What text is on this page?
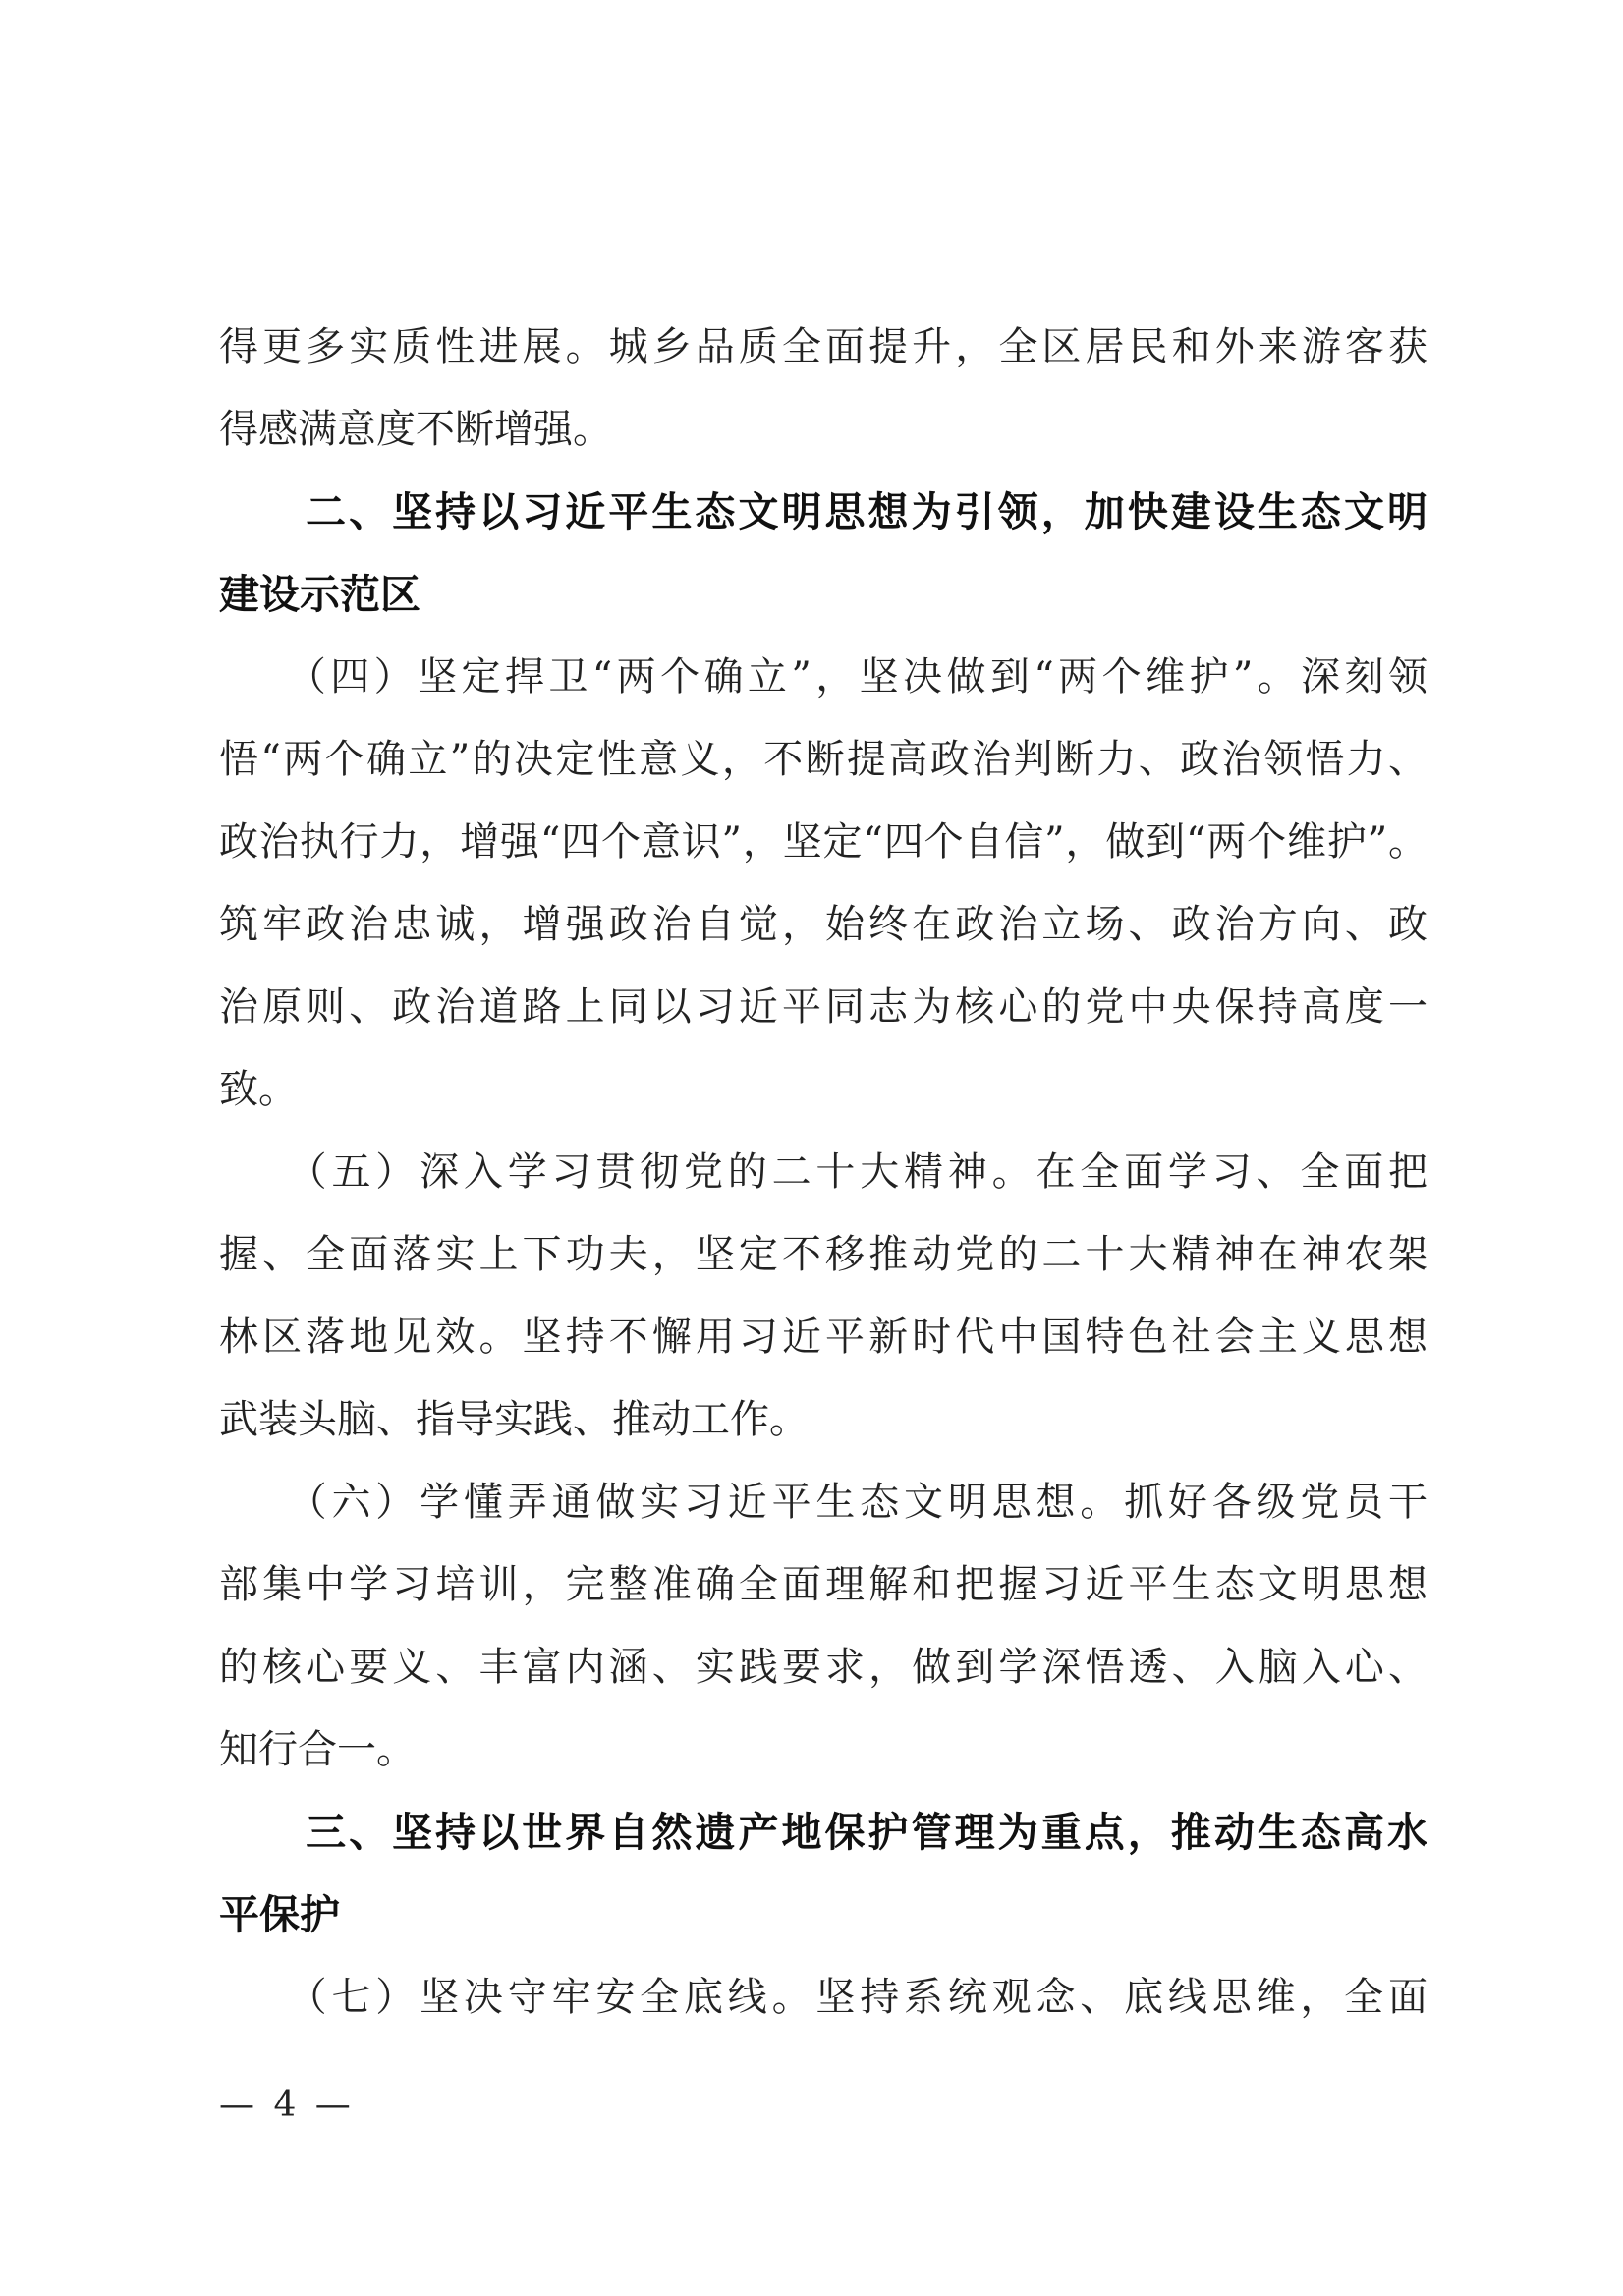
得更多实质性进展。城乡品质全面提升，全区居民和外来游客获
得感满意度不断增强。
　　二、坚持以习近平生态文明思想为引领，加快建设生态文明
建设示范区
　　（四）坚定捍卫“两个确立”，坚决做到“两个维护”。深刻领
悟“两个确立”的决定性意义，不断提高政治判断力、政治领悟力、
政治执行力，增强“四个意识”，坚定“四个自信”，做到“两个维护”。
筑牢政治忠诚，增强政治自觉，始终在政治立场、政治方向、政
治原则、政治道路上同以习近平同志为核心的党中央保持高度一
致。
　　（五）深入学习贯彻党的二十大精神。在全面学习、全面把
握、全面落实上下功夫，坚定不移推动党的二十大精神在神农架
林区落地见效。坚持不懈用习近平新时代中国特色社会主义思想
武装头脑、指导实践、推动工作。
　　（六）学懂弄通做实习近平生态文明思想。抓好各级党员干
部集中学习培训，完整准确全面理解和把握习近平生态文明思想
的核心要义、丰富内涵、实践要求，做到学深悟透、入脑入心、
知行合一。
　　三、坚持以世界自然遗产地保护管理为重点，推动生态高水
平保护
　　（七）坚决守牢安全底线。坚持系统观念、底线思维，全面
— 4 —
